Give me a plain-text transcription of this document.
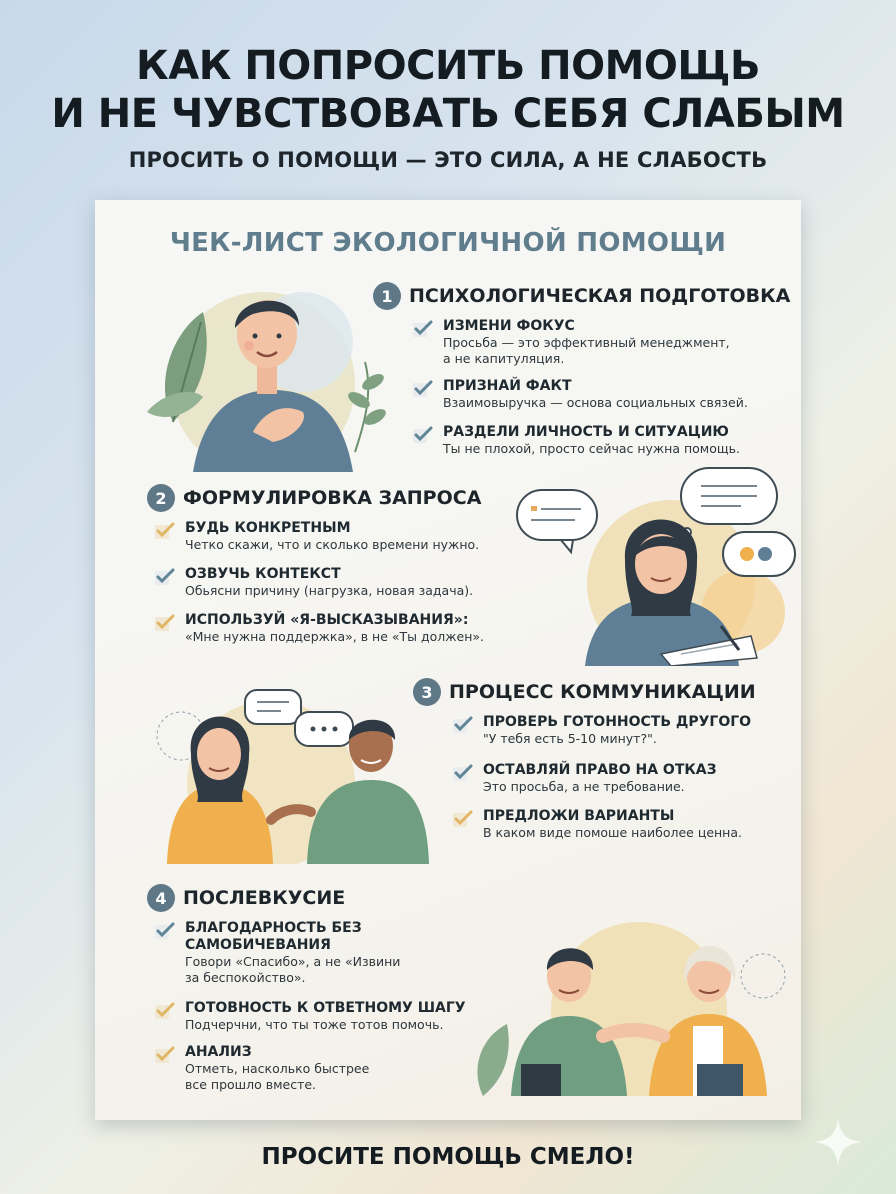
КАК ПОПРОСИТЬ ПОМОЩЬ
И НЕ ЧУВСТВОВАТЬ СЕБЯ СЛАБЫМ
ПРОСИТЬ О ПОМОЩИ — ЭТО СИЛА, А НЕ СЛАБОСТЬ
ЧЕК-ЛИСТ ЭКОЛОГИЧНОЙ ПОМОЩИ
1 ПСИХОЛОГИЧЕСКАЯ ПОДГОТОВКА
ИЗМЕНИ ФОКУС
Просьба — это эффективный менеджмент,
а не капитуляция.
ПРИЗНАЙ ФАКТ
Взаимовыручка — основа социальных связей.
РАЗДЕЛИ ЛИЧНОСТЬ И СИТУАЦИЮ
Ты не плохой, просто сейчас нужна помощь.
2 ФОРМУЛИРОВКА ЗАПРОСА
БУДЬ КОНКРЕТНЫМ
Четко скажи, что и сколько времени нужно.
ОЗВУЧЬ КОНТЕКСТ
Обьясни причину (нагрузка, новая задача).
ИСПОЛЬЗУЙ «Я-ВЫСКАЗЫВАНИЯ»:
«Мне нужна поддержка», в не «Ты должен».
3 ПРОЦЕСС КОММУНИКАЦИИ
ПРОВЕРЬ ГОТОННОСТЬ ДРУГОГО
"У тебя есть 5-10 минут?".
ОСТАВЛЯЙ ПРАВО НА ОТКАЗ
Это просьба, а не требование.
ПРЕДЛОЖИ ВАРИАНТЫ
В каком виде помоше наиболее ценна.
4 ПОСЛЕВКУСИЕ
БЛАГОДАРНОСТЬ БЕЗ
САМОБИЧЕВАНИЯ
Говори «Спасибо», а не «Извини
за беспокойство».
ГОТОВНОСТЬ К ОТВЕТНОМУ ШАГУ
Подчерчни, что ты тоже тотов помочь.
АНАЛИЗ
Отметь, насколько быстрее
все прошло вместе.
ПРОСИТЕ ПОМОЩЬ СМЕЛО!
